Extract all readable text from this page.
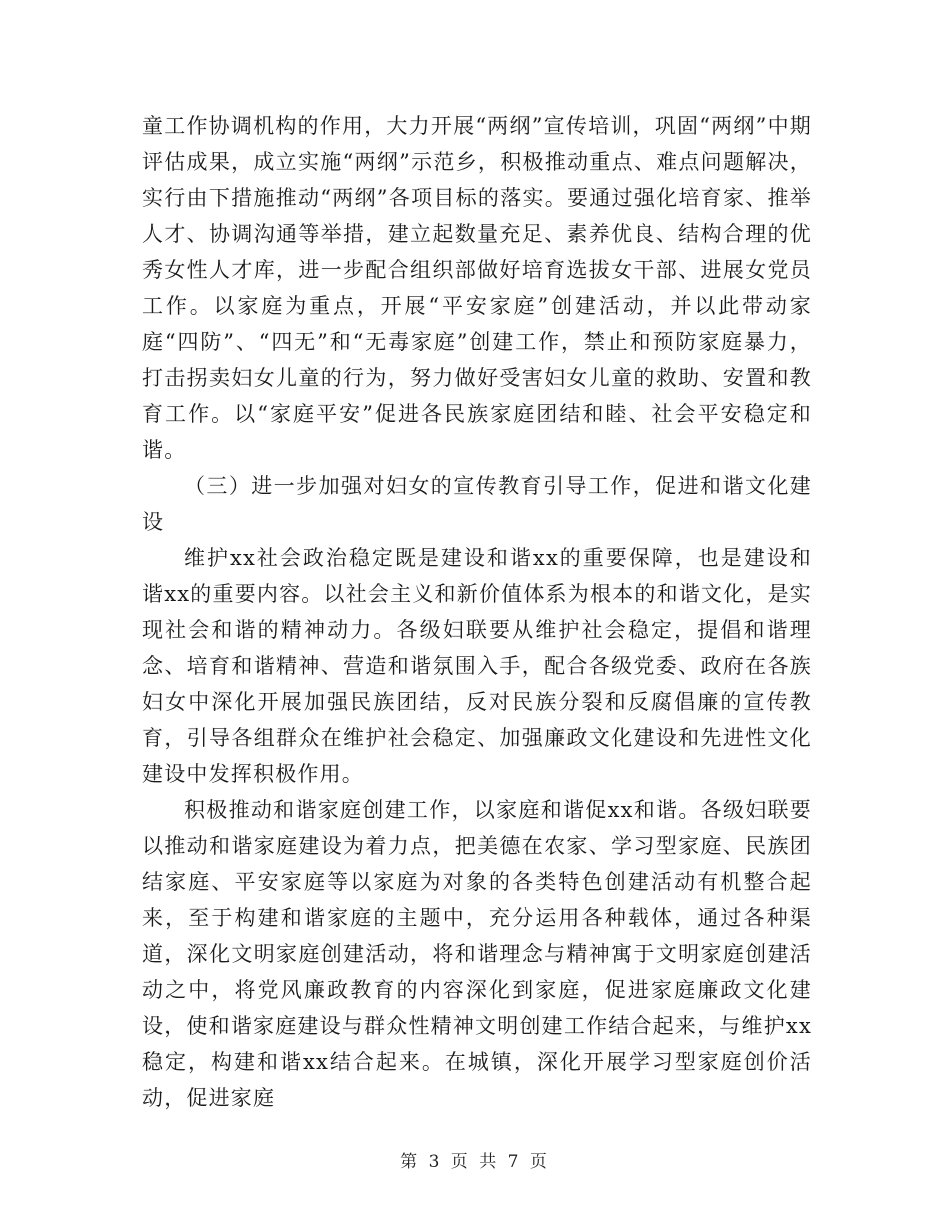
童工作协调机构的作用，大力开展“两纲”宣传培训，巩固“两纲”中期评估成果，成立实施“两纲”示范乡，积极推动重点、难点问题解决，实行由下措施推动“两纲”各项目标的落实。要通过强化培育家、推举人才、协调沟通等举措，建立起数量充足、素养优良、结构合理的优秀女性人才库，进一步配合组织部做好培育选拔女干部、进展女党员工作。以家庭为重点，开展“平安家庭”创建活动，并以此带动家庭“四防”、“四无”和“无毒家庭”创建工作，禁止和预防家庭暴力，打击拐卖妇女儿童的行为，努力做好受害妇女儿童的救助、安置和教育工作。以“家庭平安”促进各民族家庭团结和睦、社会平安稳定和谐。

（三）进一步加强对妇女的宣传教育引导工作，促进和谐文化建设

维护xx社会政治稳定既是建设和谐xx的重要保障，也是建设和谐xx的重要内容。以社会主义和新价值体系为根本的和谐文化，是实现社会和谐的精神动力。各级妇联要从维护社会稳定，提倡和谐理念、培育和谐精神、营造和谐氛围入手，配合各级党委、政府在各族妇女中深化开展加强民族团结，反对民族分裂和反腐倡廉的宣传教育，引导各组群众在维护社会稳定、加强廉政文化建设和先进性文化建设中发挥积极作用。

积极推动和谐家庭创建工作，以家庭和谐促xx和谐。各级妇联要以推动和谐家庭建设为着力点，把美德在农家、学习型家庭、民族团结家庭、平安家庭等以家庭为对象的各类特色创建活动有机整合起来，至于构建和谐家庭的主题中，充分运用各种载体，通过各种渠道，深化文明家庭创建活动，将和谐理念与精神寓于文明家庭创建活动之中，将党风廉政教育的内容深化到家庭，促进家庭廉政文化建设，使和谐家庭建设与群众性精神文明创建工作结合起来，与维护xx稳定，构建和谐xx结合起来。在城镇，深化开展学习型家庭创价活动，促进家庭

第 3 页 共 7 页
